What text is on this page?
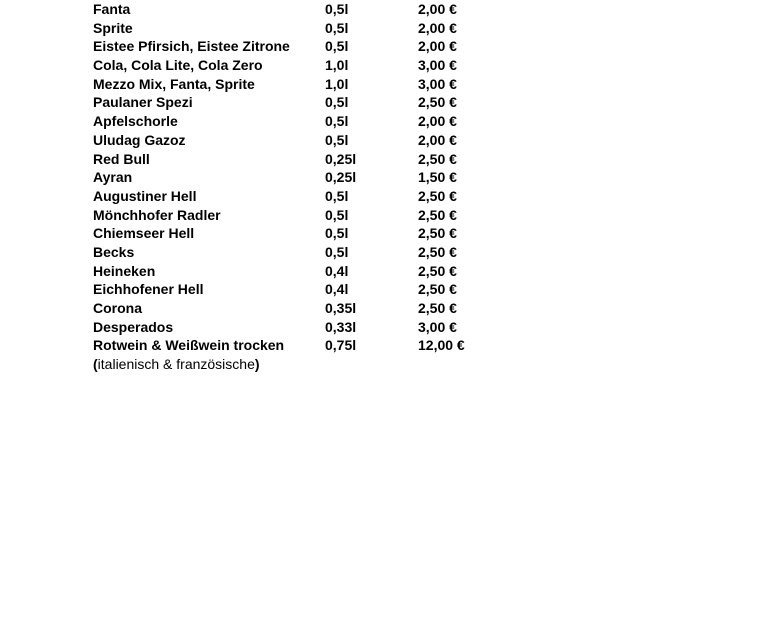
Fanta	0,5l	2,00 €
Sprite	0,5l	2,00 €
Eistee Pfirsich, Eistee Zitrone	0,5l	2,00 €
Cola, Cola Lite, Cola Zero	1,0l	3,00 €
Mezzo Mix, Fanta, Sprite	1,0l	3,00 €
Paulaner Spezi	0,5l	2,50 €
Apfelschorle	0,5l	2,00 €
Uludag Gazoz	0,5l	2,00 €
Red Bull	0,25l	2,50 €
Ayran	0,25l	1,50 €
Augustiner Hell	0,5l	2,50 €
Mönchhofer Radler	0,5l	2,50 €
Chiemseer Hell	0,5l	2,50 €
Becks	0,5l	2,50 €
Heineken	0,4l	2,50 €
Eichhofener Hell	0,4l	2,50 €
Corona	0,35l	2,50 €
Desperados	0,33l	3,00 €
Rotwein & Weißwein trocken	0,75l	12,00 €
(italienisch & französische)
